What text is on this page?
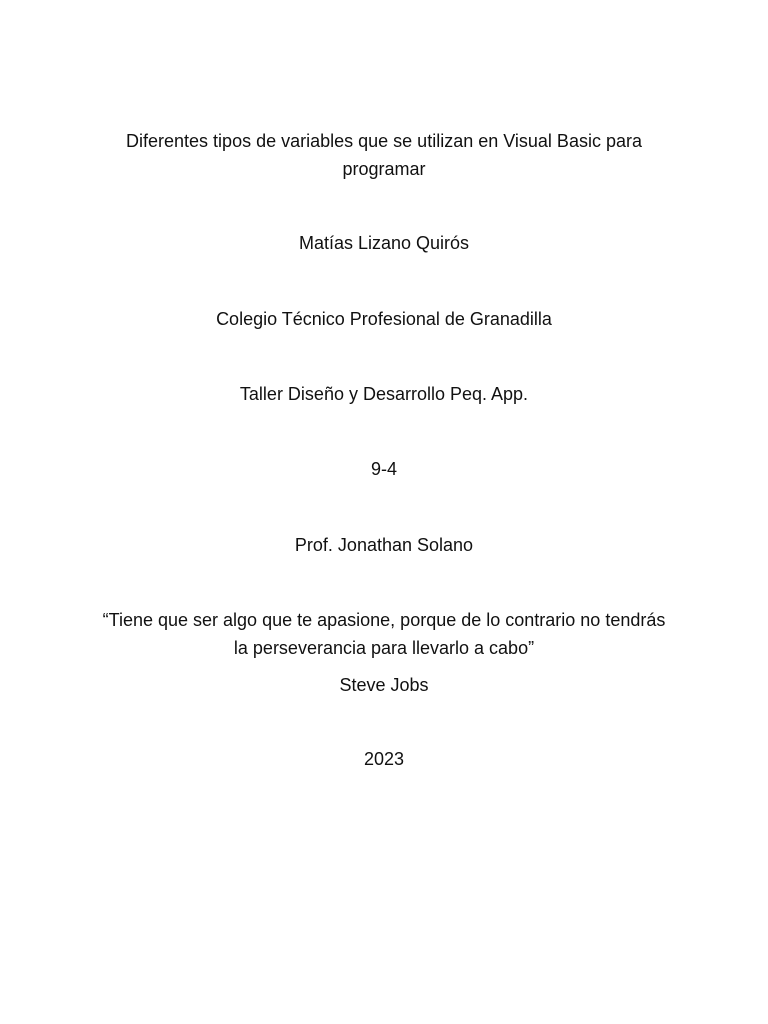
Diferentes tipos de variables que se utilizan en Visual Basic para
programar
Matías Lizano Quirós
Colegio Técnico Profesional de Granadilla
Taller Diseño y Desarrollo Peq. App.
9-4
Prof. Jonathan Solano
“Tiene que ser algo que te apasione, porque de lo contrario no tendrás
la perseverancia para llevarlo a cabo”
Steve Jobs
2023
